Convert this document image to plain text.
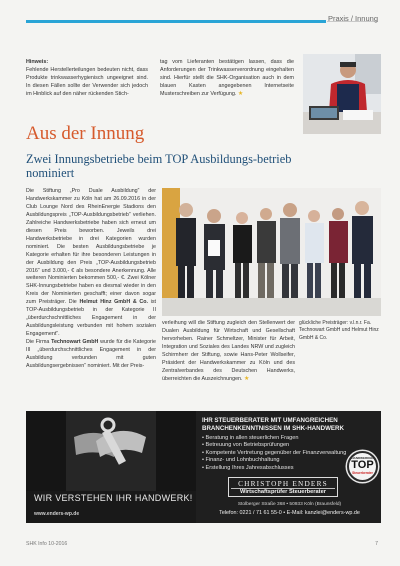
Praxis / Innung
Hinweis:
Fehlende Herstellerteilungen bedeuten nicht, dass Produkte trinkwasserhygienisch ungeeignet sind. In diesen Fällen sollte der Verwender sich jedoch im Hinblick auf den näher rückenden Stich-
tag vom Lieferanten bestätigen lassen, dass die Anforderungen der Trinkwasserverordnung eingehalten sind. Hierfür stellt die SHK-Organisation auch in dem blauen Kasten angegebenen Internetseite Musterschreiben zur Verfügung. ★
Aus der Innung
Zwei Innungsbetriebe beim TOP Ausbildungs-betrieb nominiert
Die Stiftung „Pro Duale Ausbildung“ der Handwerkskammer zu Köln hat am 26.09.2016 in der Club Lounge Nord des RheinEnergie Stadions den Ausbildungspreis „TOP-Ausbildungsbetrieb“ verliehen. Zahlreiche Handwerksbetriebe haben sich erneut um diesen Preis beworben. Jeweils drei Handwerksbetriebe in drei Kategorien wurden nominiert. Die besten Ausbildungsbetriebe je Kategorie erhalten für ihre besonderen Leistungen in der Ausbildung den Preis „TOP-Ausbildungsbetrieb 2016“ und 3.000,- € als besondere Anerkennung. Alle weiteren Nominierten bekommen 500,- €. Zwei Kölner SHK-Innungsbetriebe haben es diesmal wieder in den Kreis der Nominierten geschafft; einer davon sogar zum Preisträger. Die Helmut Hinz GmbH & Co. ist TOP-Ausbildungsbetrieb in der Kategorie II „überdurchschnittliches Engagement in der Ausbildungsleistung verbunden mit hohem sozialen Engagement“.
Die Firma Technowart GmbH wurde für die Kategorie III „überdurchschnittliches Engagement in der Ausbildung verbunden mit guten Ausbildungsergebnissen“ nominiert. Mit der Preis-
verleihung will die Stiftung zugleich den Stellenwert der Dualen Ausbildung für Wirtschaft und Gesellschaft hervorheben. Rainer Schmeltzer, Minister für Arbeit, Integration und Soziales des Landes NRW und zugleich Schirmherr der Stiftung, sowie Hans-Peter Wollseifer, Präsident der Handwerkskammer zu Köln und des Zentralverbandes des Deutschen Handwerks, überreichten die Auszeichnungen. ★
glückliche Preisträger: v.l.n.r. Fa. Technowart GmbH und Helmut Hinz GmbH & Co.
WIR VERSTEHEN IHR HANDWERK!
www.enders-wp.de
IHR STEUERBERATER MIT UMFANGREICHEN BRANCHENKENNTNISSEN IM SHK-HANDWERK
• Beratung in allen steuerlichen Fragen
• Betreuung von Betriebsprüfungen
• Kompetente Vertretung gegenüber der Finanzverwaltung
• Finanz- und Lohnbuchhaltung
• Erstellung Ihres Jahresabschlusses
CHRISTOPH ENDERS
Wirtschaftsprüfer Steuerberater
Stolberger Straße 368 • 50933 Köln (Braunsfeld)
Telefon: 0221 / 71 61 55-0 • E-Mail: kanzlei@enders-wp.de
HANDWERKER
TOP
Steuerberater
SHK Info 10-2016	7
